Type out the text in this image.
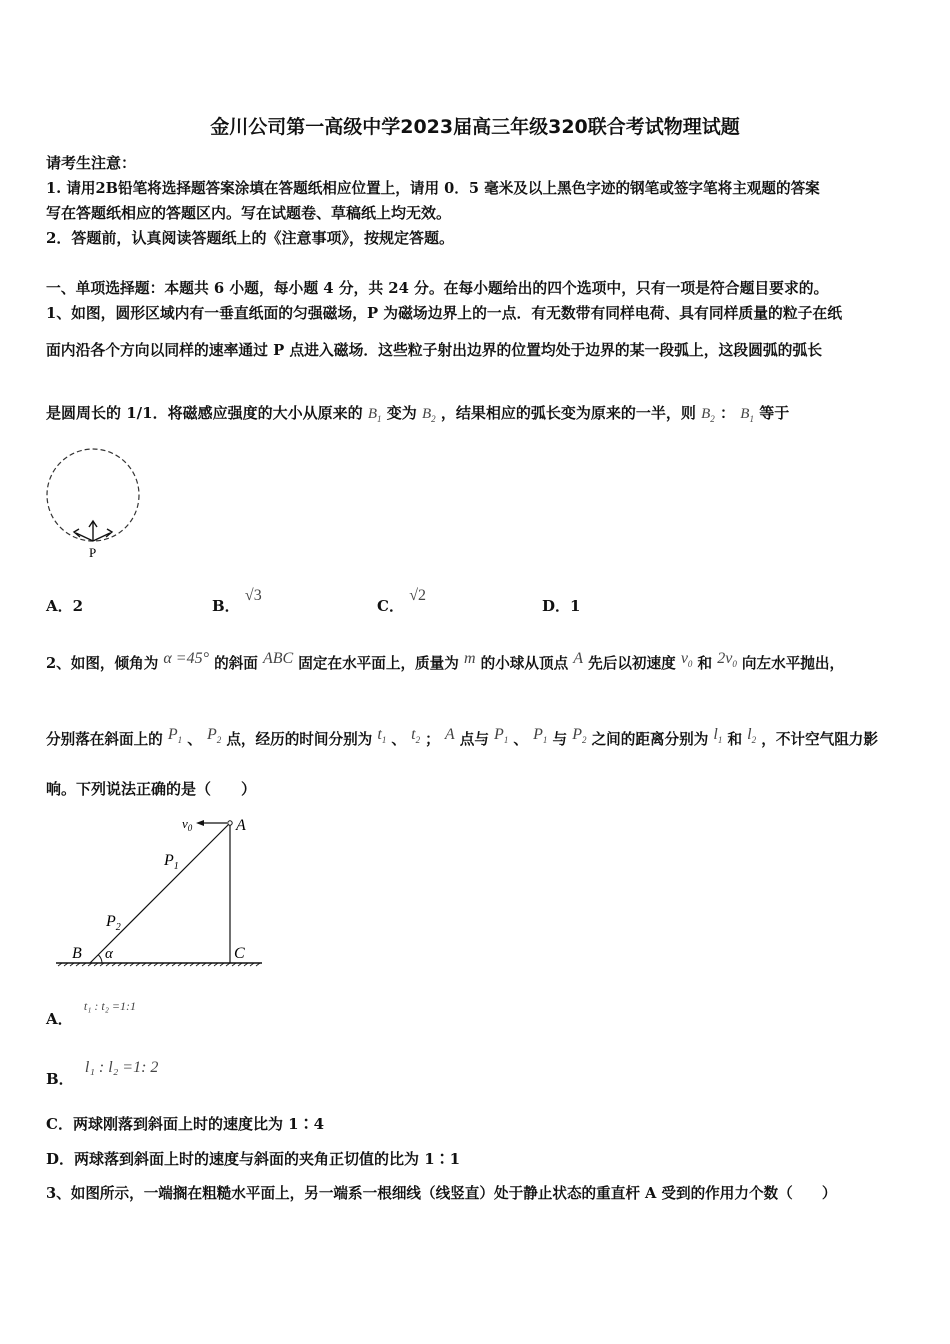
金川公司第一高级中学2023届高三年级320联合考试物理试题
请考生注意：
1. 请用2B铅笔将选择题答案涂填在答题纸相应位置上，请用 0．5 毫米及以上黑色字迹的钢笔或签字笔将主观题的答案
写在答题纸相应的答题区内。写在试题卷、草稿纸上均无效。
2．答题前，认真阅读答题纸上的《注意事项》，按规定答题。
一、单项选择题：本题共 6 小题，每小题 4 分，共 24 分。在每小题给出的四个选项中，只有一项是符合题目要求的。
1、如图，圆形区域内有一垂直纸面的匀强磁场，P 为磁场边界上的一点．有无数带有同样电荷、具有同样质量的粒子在纸
面内沿各个方向以同样的速率通过 P 点进入磁场．这些粒子射出边界的位置均处于边界的某一段弧上，这段圆弧的弧长
是圆周长的 1/1．将磁感应强度的大小从原来的 $B_1$ 变为 $B_2$ ，结果相应的弧长变为原来的一半，则 $B_2$ ： $B_1$ 等于
P
A．2	B． √3
C． √2
D．1
2、如图，倾角为 α =45° 的斜面 ABC 固定在水平面上，质量为 m 的小球从顶点 A 先后以初速度 $v_0$ 和 $2v_0$ 向左水平抛出，
分别落在斜面上的 $P_1$ 、 $P_2$ 点，经历的时间分别为 $t_1$ 、 $t_2$ ； A 点与 $P_1$ 、 $P_1$ 与 $P_2$ 之间的距离分别为 $l_1$ 和 $l_2$ ，不计空气阻力影
响。下列说法正确的是（　　）
$v_0$	A
$P_1$
$P_2$
B α	C
A． $^{t_1 : t_2 =1:1}$
B． l₁ : l₂ =1: 2
C．两球刚落到斜面上时的速度比为 1∶4
D．两球落到斜面上时的速度与斜面的夹角正切值的比为 1∶1
3、如图所示，一端搁在粗糙水平面上，另一端系一根细线（线竖直）处于静止状态的重直杆 A 受到的作用力个数（　　）
